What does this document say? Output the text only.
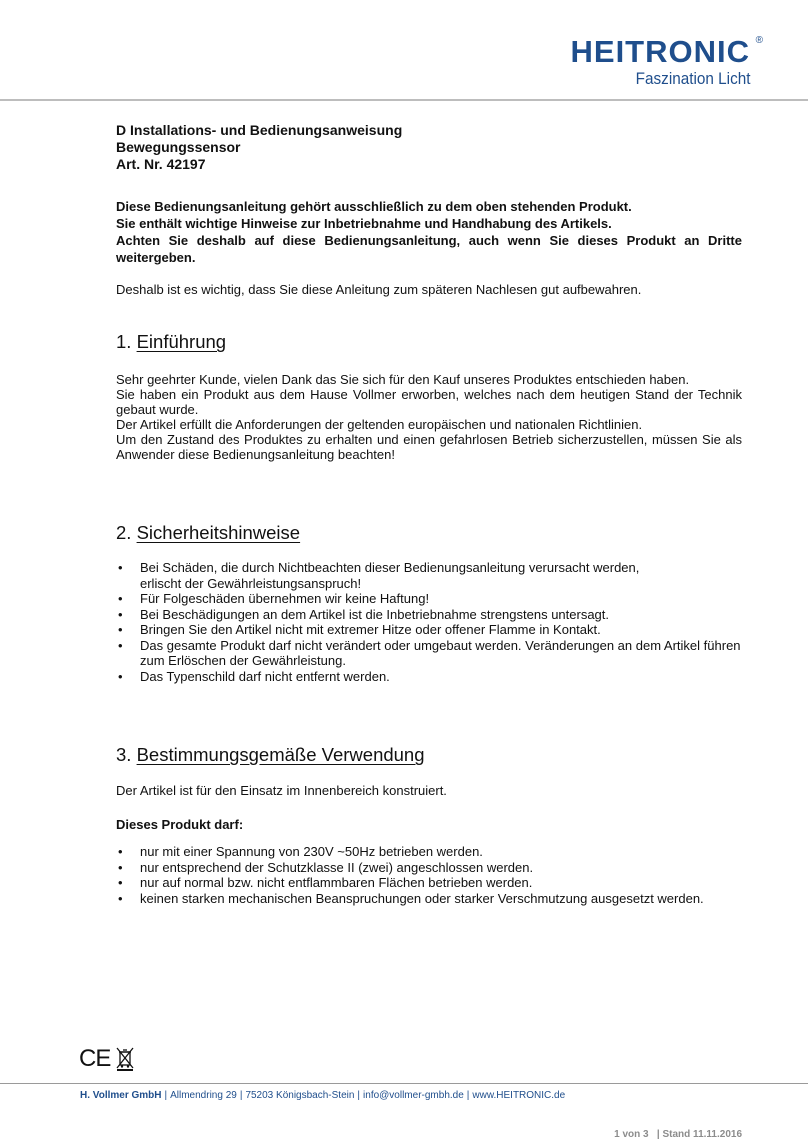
HEITRONIC ®
Faszination Licht

D Installations- und Bedienungsanweisung

Bewegungssensor

Art. Nr. 42197

Diese Bedienungsanleitung gehört ausschließlich zu dem oben stehenden Produkt.

Sie enthält wichtige Hinweise zur Inbetriebnahme und Handhabung des Artikels.

Achten Sie deshalb auf diese Bedienungsanleitung, auch wenn Sie dieses Produkt an Dritte weitergeben.

Deshalb ist es wichtig, dass Sie diese Anleitung zum späteren Nachlesen gut aufbewahren.

1. Einführung

Sehr geehrter Kunde, vielen Dank das Sie sich für den Kauf unseres Produktes entschieden haben.

Sie haben ein Produkt aus dem Hause Vollmer erworben, welches nach dem heutigen Stand der Technik gebaut wurde.

Der Artikel erfüllt die Anforderungen der geltenden europäischen und nationalen Richtlinien.

Um den Zustand des Produktes zu erhalten und einen gefahrlosen Betrieb sicherzustellen, müssen Sie als Anwender diese Bedienungsanleitung beachten!

2. Sicherheitshinweise
• Bei Schäden, die durch Nichtbeachten dieser Bedienungsanleitung verursacht werden,
erlischt der Gewährleistungsanspruch!
• Für Folgeschäden übernehmen wir keine Haftung!
• Bei Beschädigungen an dem Artikel ist die Inbetriebnahme strengstens untersagt.
• Bringen Sie den Artikel nicht mit extremer Hitze oder offener Flamme in Kontakt.
• Das gesamte Produkt darf nicht verändert oder umgebaut werden. Veränderungen an dem Artikel führen zum Erlöschen der Gewährleistung.
• Das Typenschild darf nicht entfernt werden.
3. Bestimmungsgemäße Verwendung

Der Artikel ist für den Einsatz im Innenbereich konstruiert.

Dieses Produkt darf:

• nur mit einer Spannung von 230V ~50Hz betrieben werden.
• nur entsprechend der Schutzklasse II (zwei) angeschlossen werden.
• nur auf normal bzw. nicht entflammbaren Flächen betrieben werden.
• keinen starken mechanischen Beanspruchungen oder starker Verschmutzung ausgesetzt werden.
CE
H. Vollmer GmbH | Allmendring 29 | 75203 Königsbach-Stein | info@vollmer-gmbh.de | www.HEITRONIC.de
1 von 3 | Stand 11.11.2016
